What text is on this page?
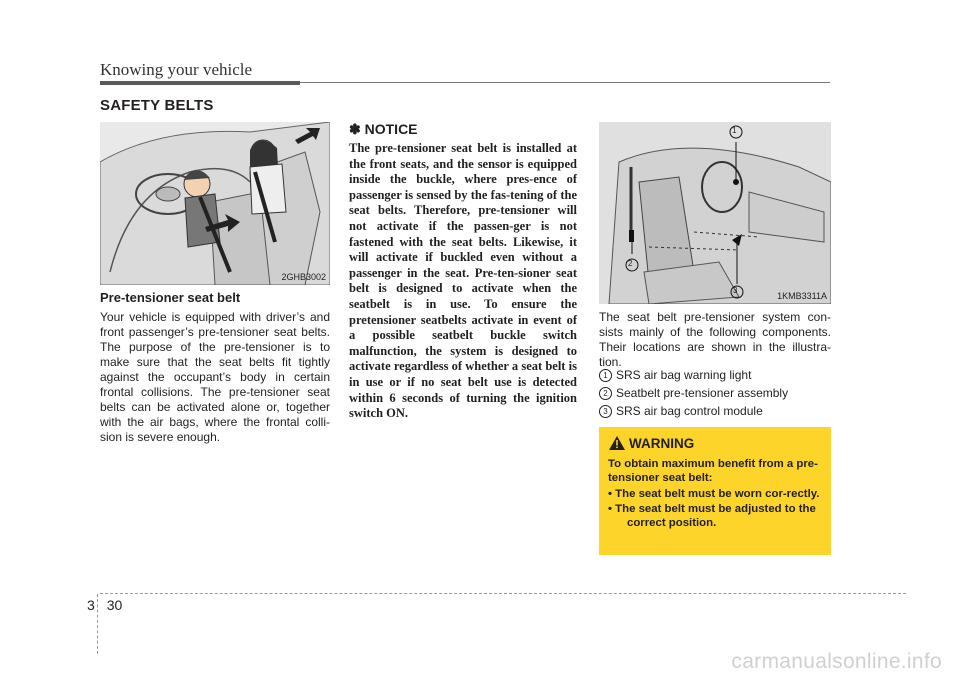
Knowing your vehicle
SAFETY BELTS
2GHB3002
Pre-tensioner seat belt

Your vehicle is equipped with driver’s and front passenger’s pre-tensioner seat belts. The purpose of the pre-tensioner is to make sure that the seat belts fit tightly against the occupant’s body in certain frontal collisions. The pre-tensioner seat belts can be activated alone or, together with the air bags, where the frontal colli-sion is severe enough.

✽ NOTICE

The pre-tensioner seat belt is installed at the front seats, and the sensor is equipped inside the buckle, where pres-ence of passenger is sensed by the fas-tening of the seat belts. Therefore, pre-tensioner will not activate if the passen-ger is not fastened with the seat belts. Likewise, it will activate if buckled even without a passenger in the seat. Pre-ten-sioner seat belt is designed to activate when the seatbelt is in use. To ensure the pretensioner seatbelts activate in event of a possible seatbelt buckle switch malfunction, the system is designed to activate regardless of whether a seat belt is in use or if no seat belt use is detected within 6 seconds of turning the ignition switch ON.

1
2
3
1KMB3311A

The seat belt pre-tensioner system con-sists mainly of the following components. Their locations are shown in the illustra-tion.

1 SRS air bag warning light
2 Seatbelt pre-tensioner assembly
3 SRS air bag control module
WARNING

To obtain maximum benefit from a pre-tensioner seat belt:

• The seat belt must be worn cor-rectly.
• The seat belt must be adjusted to the correct position.
3 30
carmanualsonline.info
